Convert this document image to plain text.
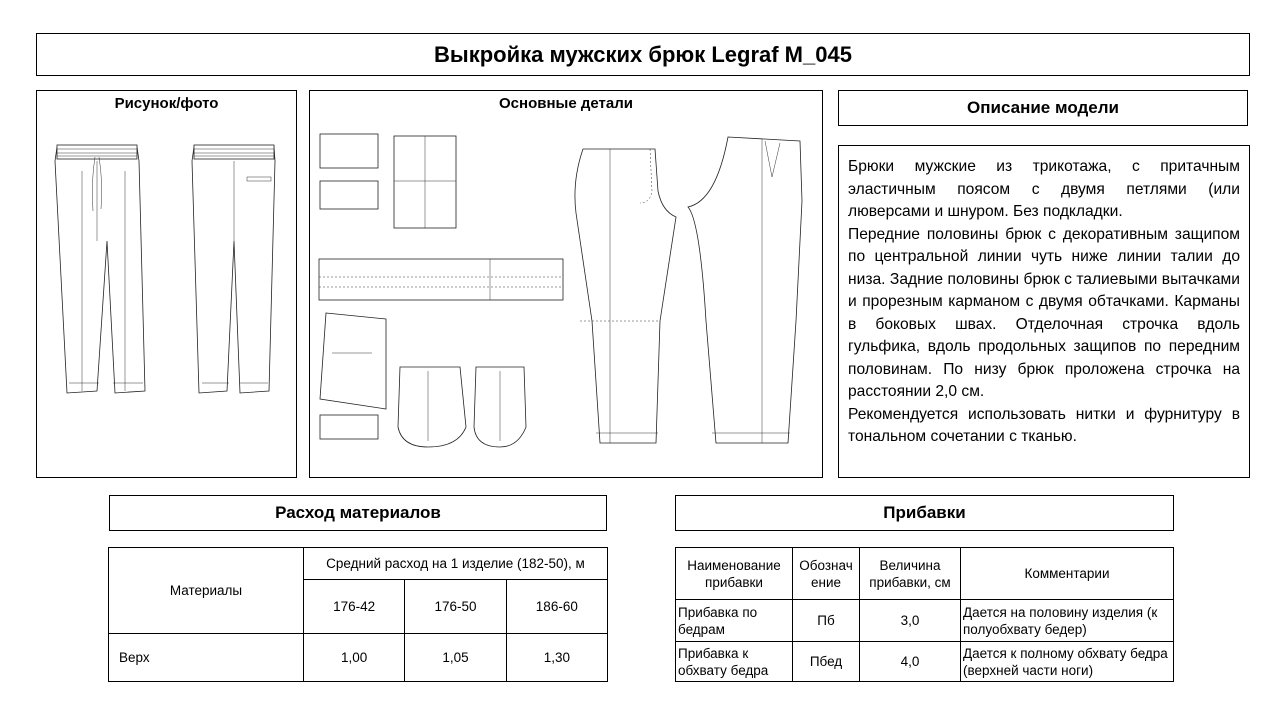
Выкройка мужских брюк Legraf M_045
Рисунок/фото	Основные детали	Описание модели

Брюки мужские из трикотажа, с притачным эластичным поясом с двумя петлями (или люверсами и шнуром. Без подкладки.

Передние половины брюк с декоративным защипом по центральной линии чуть ниже линии талии до низа. Задние половины брюк с талиевыми вытачками и прорезным карманом с двумя обтачками. Карманы в боковых швах. Отделочная строчка вдоль гульфика, вдоль продольных защипов по передним половинам. По низу брюк проложена строчка на расстоянии 2,0 см.

Рекомендуется использовать нитки и фурнитуру в тональном сочетании с тканью.

Расход материалов
Материалы	Средний расход на 1 изделие (182-50), м		
	176-42	176-50	186-60
Верх	1,00	1,05	1,30
Прибавки
Наименование прибавки	Обознач ение	Величина прибавки, см	Комментарии
Прибавка по бедрам	Пб	3,0	Дается на половину изделия (к полуобхвату бедер)
Прибавка к обхвату бедра	Пбед	4,0	Дается к полному обхвату бедра (верхней части ноги)
